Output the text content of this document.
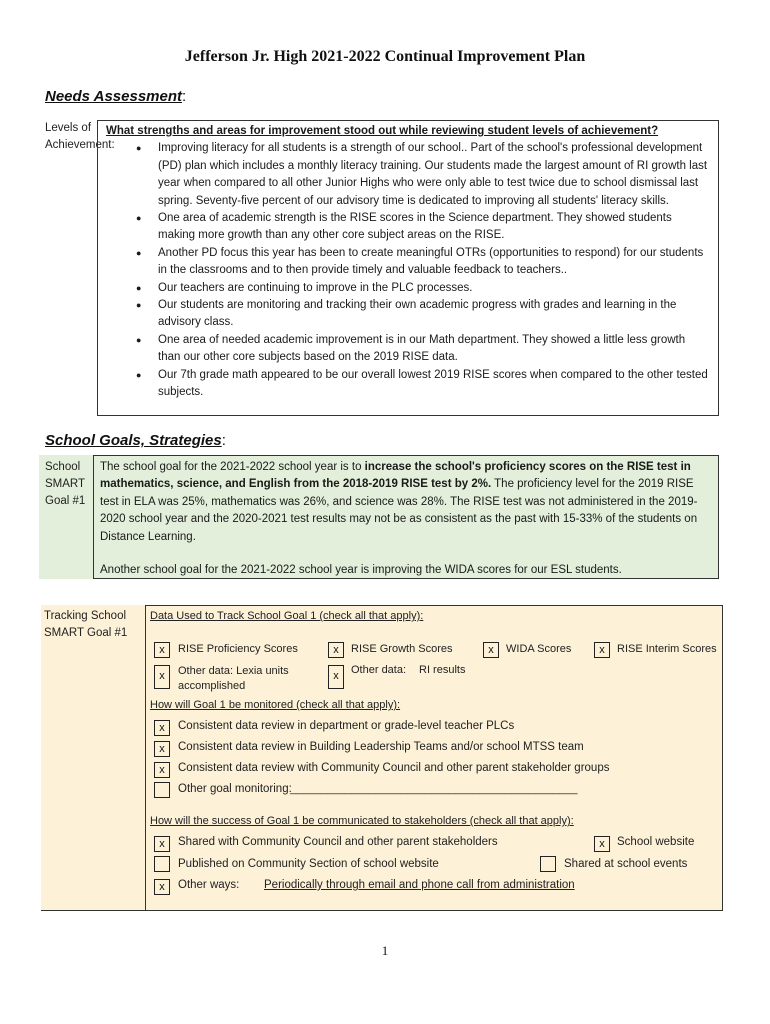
Jefferson Jr. High 2021-2022 Continual Improvement Plan
Needs Assessment:
Levels of Achievement:
What strengths and areas for improvement stood out while reviewing student levels of achievement?
● Improving literacy for all students is a strength of our school.. Part of the school's professional development (PD) plan which includes a monthly literacy training. Our students made the largest amount of RI growth last year when compared to all other Junior Highs who were only able to test twice due to school dismissal last spring. Seventy-five percent of our advisory time is dedicated to improving all students' literacy skills.
● One area of academic strength is the RISE scores in the Science department. They showed students making more growth than any other core subject areas on the RISE.
● Another PD focus this year has been to create meaningful OTRs (opportunities to respond) for our students in the classrooms and to then provide timely and valuable feedback to teachers..
● Our teachers are continuing to improve in the PLC processes.
● Our students are monitoring and tracking their own academic progress with grades and learning in the advisory class.
● One area of needed academic improvement is in our Math department. They showed a little less growth than our other core subjects based on the 2019 RISE data.
● Our 7th grade math appeared to be our overall lowest 2019 RISE scores when compared to the other tested subjects.
School Goals, Strategies:
School SMART Goal #1
The school goal for the 2021-2022 school year is to increase the school's proficiency scores on the RISE test in mathematics, science, and English from the 2018-2019 RISE test by 2%. The proficiency level for the 2019 RISE test in ELA was 25%, mathematics was 26%, and science was 28%. The RISE test was not administered in the 2019-2020 school year and the 2020-2021 test results may not be as consistent as the past with 15-33% of the students on Distance Learning.
Another school goal for the 2021-2022 school year is improving the WIDA scores for our ESL students.
Tracking School SMART Goal #1
Data Used to Track School Goal 1 (check all that apply):
x	RISE Proficiency Scores	x	RISE Growth Scores	x	WIDA Scores	x	RISE Interim Scores
x	Other data: Lexia units
accomplished
x	Other data: RI results
How will Goal 1 be monitored (check all that apply):
x	Consistent data review in department or grade-level teacher PLCs
x	Consistent data review in Building Leadership Teams and/or school MTSS team
x	Consistent data review with Community Council and other parent stakeholder groups
Other goal monitoring:
_______________________________________________
How will the success of Goal 1 be communicated to stakeholders (check all that apply):
x	Shared with Community Council and other parent stakeholders	x	School website
Published on Community Section of school website	Shared at school events
x	Other ways: Periodically through email and phone call from administration
1
